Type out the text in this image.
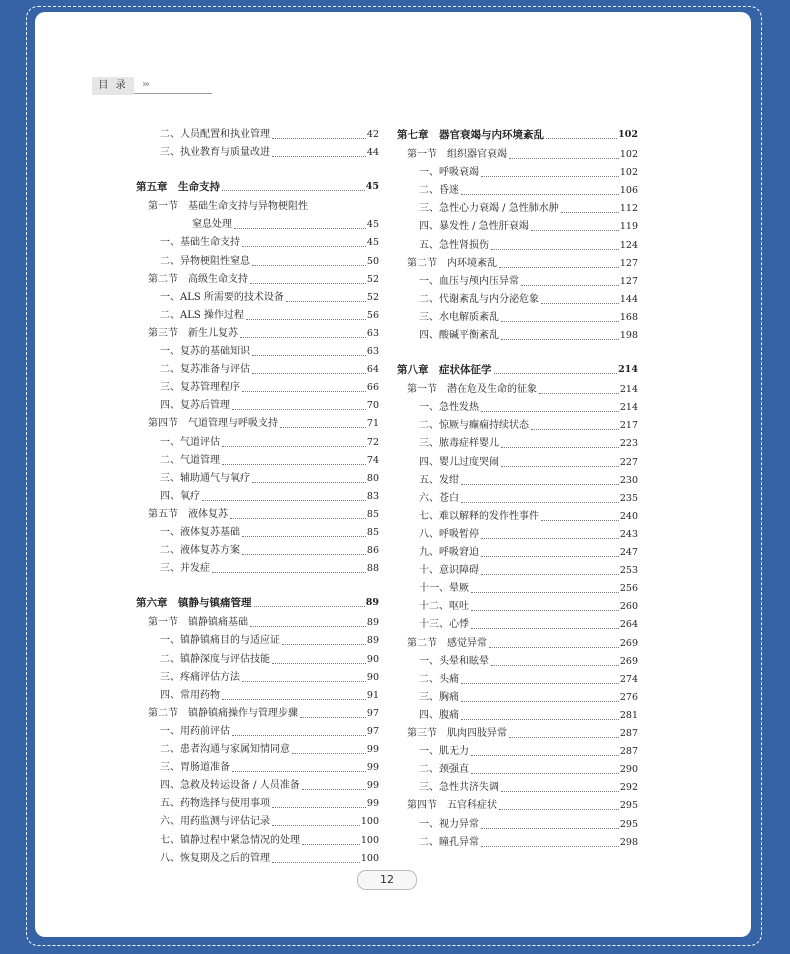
目 录	›››
二、人员配置和执业管理	42
三、执业教育与质量改进	44
第五章　生命支持	45
第一节　基础生命支持与异物梗阻性
窒息处理	45
一、基础生命支持	45
二、异物梗阻性窒息	50
第二节　高级生命支持	52
一、ALS 所需要的技术设备	52
二、ALS 操作过程	56
第三节　新生儿复苏	63
一、复苏的基础知识	63
二、复苏准备与评估	64
三、复苏管理程序	66
四、复苏后管理	70
第四节　气道管理与呼吸支持	71
一、气道评估	72
二、气道管理	74
三、辅助通气与氧疗	80
四、氧疗	83
第五节　液体复苏	85
一、液体复苏基础	85
二、液体复苏方案	86
三、并发症	88
第六章　镇静与镇痛管理	89
第一节　镇静镇痛基础	89
一、镇静镇痛目的与适应证	89
二、镇静深度与评估技能	90
三、疼痛评估方法	90
四、常用药物	91
第二节　镇静镇痛操作与管理步骤	97
一、用药前评估	97
二、患者沟通与家属知情同意	99
三、胃肠道准备	99
四、急救及转运设备 / 人员准备	99
五、药物选择与使用事项	99
六、用药监测与评估记录	100
七、镇静过程中紧急情况的处理	100
八、恢复期及之后的管理	100
第七章　器官衰竭与内环境紊乱	102
第一节　组织器官衰竭	102
一、呼吸衰竭	102
二、昏迷	106
三、急性心力衰竭 / 急性肺水肿	112
四、暴发性 / 急性肝衰竭	119
五、急性肾损伤	124
第二节　内环境紊乱	127
一、血压与颅内压异常	127
二、代谢紊乱与内分泌危象	144
三、水电解质紊乱	168
四、酸碱平衡紊乱	198
第八章　症状体征学	214
第一节　潜在危及生命的征象	214
一、急性发热	214
二、惊厥与癫痫持续状态	217
三、脓毒症样婴儿	223
四、婴儿过度哭闹	227
五、发绀	230
六、苍白	235
七、难以解释的发作性事件	240
八、呼吸暂停	243
九、呼吸窘迫	247
十、意识障碍	253
十一、晕厥	256
十二、呕吐	260
十三、心悸	264
第二节　感觉异常	269
一、头晕和眩晕	269
二、头痛	274
三、胸痛	276
四、腹痛	281
第三节　肌肉四肢异常	287
一、肌无力	287
二、颈强直	290
三、急性共济失调	292
第四节　五官科症状	295
一、视力异常	295
二、瞳孔异常	298
12
